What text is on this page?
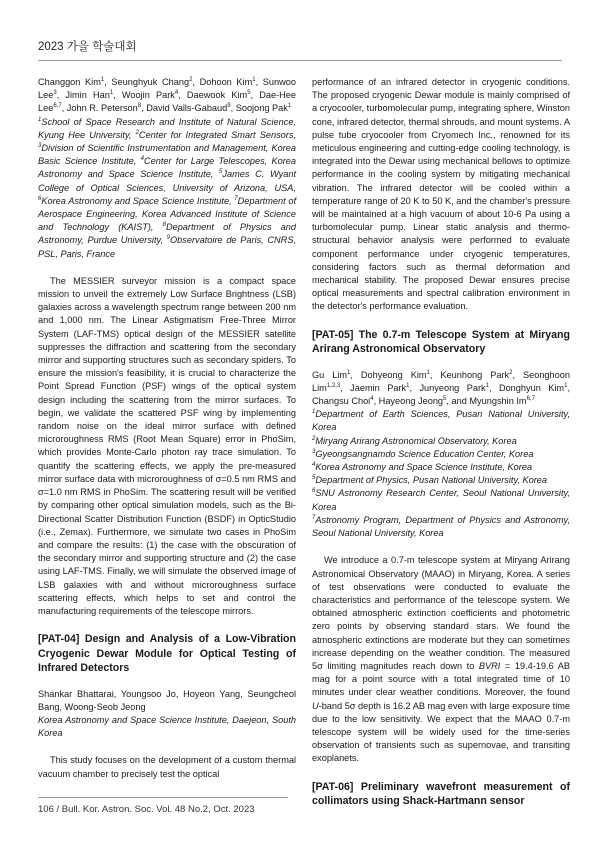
2023 가을 학술대회

Changgon Kim$^1$, Seunghyuk Chang$^2$, Dohoon Kim$^1$, Sunwoo Lee$^3$, Jimin Han$^1$, Woojin Park$^4$, Daewook Kim$^5$, Dae-Hee Lee$^{6,7}$, John R. Peterson$^8$, David Valls-Gabaud$^9$, Soojong Pak$^1$

$^1$School of Space Research and Institute of Natural Science, Kyung Hee University, $^2$Center for Integrated Smart Sensors, $^3$Division of Scientific Instrumentation and Management, Korea Basic Science Institute, $^4$Center for Large Telescopes, Korea Astronomy and Space Science Institute, $^5$James C. Wyant College of Optical Sciences, University of Arizona, USA, $^6$Korea Astronomy and Space Science Institute, $^7$Department of Aerospace Engineering, Korea Advanced Institute of Science and Technology (KAIST), $^8$Department of Physics and Astronomy, Purdue University, $^9$Observatoire de Paris, CNRS, PSL, Paris, France

The MESSIER surveyor mission is a compact space mission to unveil the extremely Low Surface Brightness (LSB) galaxies across a wavelength spectrum range between 200 nm and 1,000 nm. The Linear Astigmatism Free-Three Mirror System (LAF-TMS) optical design of the MESSIER satellite suppresses the diffraction and scattering from the secondary mirror and supporting structures such as secondary spiders. To ensure the mission's feasibility, it is crucial to characterize the Point Spread Function (PSF) wings of the optical system design including the scattering from the mirror surfaces. To begin, we validate the scattered PSF wing by implementing random noise on the ideal mirror surface with defined microroughness RMS (Root Mean Square) error in PhoSim, which provides Monte-Carlo photon ray trace simulation. To quantify the scattering effects, we apply the pre-measured mirror surface data with microroughness of σ=0.5 nm RMS and σ=1.0 nm RMS in PhoSim. The scattering result will be verified by comparing other optical simulation models, such as the Bi-Directional Scatter Distribution Function (BSDF) in OpticStudio (i.e., Zemax). Furthermore, we simulate two cases in PhoSim and compare the results: (1) the case with the obscuration of the secondary mirror and supporting structure and (2) the case using LAF-TMS. Finally, we will simulate the observed image of LSB galaxies with and without microroughness surface scattering effects, which helps to set and control the manufacturing requirements of the telescope mirrors.

[PAT-04] Design and Analysis of a Low-Vibration Cryogenic Dewar Module for Optical Testing of Infrared Detectors

Shankar Bhattarai, Youngsoo Jo, Hoyeon Yang, Seungcheol Bang, Woong-Seob Jeong

Korea Astronomy and Space Science Institute, Daejeon, South Korea

This study focuses on the development of a custom thermal vacuum chamber to precisely test the optical

performance of an infrared detector in cryogenic conditions. The proposed cryogenic Dewar module is mainly comprised of a cryocooler, turbomolecular pump, integrating sphere, Winston cone, infrared detector, thermal shrouds, and mount systems. A pulse tube cryocooler from Cryomech Inc., renowned for its meticulous engineering and cutting-edge cooling technology, is integrated into the Dewar using mechanical bellows to optimize performance in the cooling system by mitigating mechanical vibration. The infrared detector will be cooled within a temperature range of 20 K to 50 K, and the chamber's pressure will be maintained at a high vacuum of about 10-6 Pa using a turbomolecular pump. Linear static analysis and thermo-structural behavior analysis were performed to evaluate component performance under cryogenic temperatures, considering factors such as thermal deformation and mechanical stability. The proposed Dewar ensures precise optical measurements and spectral calibration environment in the detector's performance evaluation.

[PAT-05] The 0.7-m Telescope System at Miryang Arirang Astronomical Observatory

Gu Lim$^1$, Dohyeong Kim$^1$, Keunhong Park$^2$, Seonghoon Lim$^{1,2,3}$, Jaemin Park$^1$, Junyeong Park$^1$, Donghyun Kim$^1$, Changsu Choi$^4$, Hayeong Jeong$^5$, and Myungshin Im$^{6,7}$

$^1$Department of Earth Sciences, Pusan National University, Korea
$^2$Miryang Arirang Astronomical Observatory, Korea
$^3$Gyeongsangnamdo Science Education Center, Korea
$^4$Korea Astronomy and Space Science Institute, Korea
$^5$Department of Physics, Pusan National University, Korea
$^6$SNU Astronomy Research Center, Seoul National University, Korea
$^7$Astronomy Program, Department of Physics and Astronomy, Seoul National University, Korea

We introduce a 0.7-m telescope system at Miryang Arirang Astronomical Observatory (MAAO) in Miryang, Korea. A series of test observations were conducted to evaluate the characteristics and performance of the telescope system. We obtained atmospheric extinction coefficients and photometric zero points by observing standard stars. We found the atmospheric extinctions are moderate but they can sometimes increase depending on the weather condition. The measured 5σ limiting magnitudes reach down to BVRI = 19.4-19.6 AB mag for a point source with a total integrated time of 10 minutes under clear weather conditions. Moreover, the found U-band 5σ depth is 16.2 AB mag even with large exposure time due to the low sensitivity. We expect that the MAAO 0.7-m telescope system will be widely used for the time-series observation of transients such as supernovae, and transiting exoplanets.

[PAT-06] Preliminary wavefront measurement of collimators using Shack-Hartmann sensor

106 / Bull. Kor. Astron. Soc. Vol. 48 No.2, Oct. 2023
